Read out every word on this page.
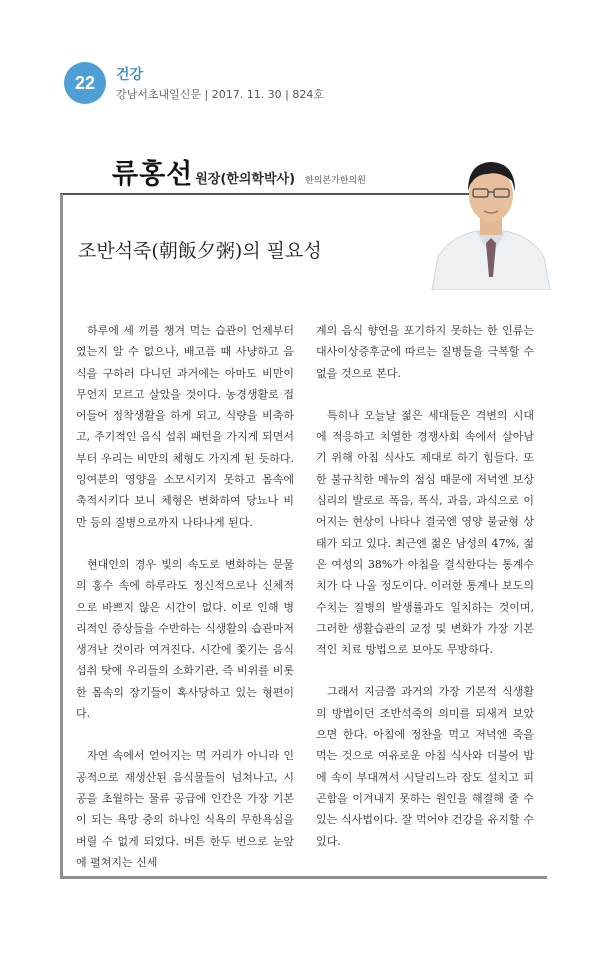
22	건강
강남서초내일신문 | 2017. 11. 30 | 824호
류홍선 원장(한의학박사) 한의본가한의원
조반석죽(朝飯夕粥)의 필요성

하루에 세 끼를 챙겨 먹는 습관이 언제부터였는지 알 수 없으나, 배고픔 때 사냥하고 음식을 구하러 다니던 과거에는 아마도 비만이 무언지 모르고 살았을 것이다. 농경생활로 접어들어 정착생활을 하게 되고, 식량을 비축하고, 주기적인 음식 섭취 패턴을 가지게 되면서부터 우리는 비만의 체형도 가지게 된 듯하다. 잉여분의 영양을 소모시키지 못하고 몸속에 축적시키다 보니 체형은 변화하여 당뇨나 비만 등의 질병으로까지 나타나게 된다.

현대인의 경우 빛의 속도로 변화하는 문물의 홍수 속에 하루라도 정신적으로나 신체적으로 바쁘지 않은 시간이 없다. 이로 인해 병리적인 증상들을 수반하는 식생활의 습관마저 생겨난 것이라 여겨진다. 시간에 쫓기는 음식 섭취 탓에 우리들의 소화기관, 즉 비위를 비롯한 몸속의 장기들이 혹사당하고 있는 형편이다.

자연 속에서 얻어지는 먹 거리가 아니라 인공적으로 재생산된 음식물들이 넘쳐나고, 시공을 초월하는 물류 공급에 인간은 가장 기본이 되는 욕망 중의 하나인 식욕의 무한욕심을 버릴 수 없게 되었다. 버튼 한두 번으로 눈앞에 펼쳐지는 신세

계의 음식 향연을 포기하지 못하는 한 인류는 대사이상증후군에 따르는 질병들을 극복할 수 없을 것으로 본다.

특히나 오늘날 젊은 세대들은 격변의 시대에 적응하고 치열한 경쟁사회 속에서 살아남기 위해 아침 식사도 제대로 하기 힘들다. 또한 불규칙한 메뉴의 점심 때문에 저녁엔 보상심리의 발로로 폭음, 폭식, 과음, 과식으로 이어지는 현상이 나타나 결국엔 영양 불균형 상태가 되고 있다. 최근엔 젊은 남성의 47%, 젊은 여성의 38%가 아침을 결식한다는 통계수치가 다 나올 정도이다. 이러한 통계나 보도의 수치는 질병의 발생률과도 일치하는 것이며, 그러한 생활습관의 교정 및 변화가 가장 기본적인 치료 방법으로 보아도 무방하다.

그래서 지금쯤 과거의 가장 기본적 식생활의 방법이던 조반석죽의 의미를 되새겨 보았으면 한다. 아침에 정찬을 먹고 저녁엔 죽을 먹는 것으로 여유로운 아침 식사와 더불어 밤에 속이 부대껴서 시달리느라 잠도 설치고 피곤함을 이겨내지 못하는 원인을 해결해 줄 수 있는 식사법이다. 잘 먹어야 건강을 유지할 수 있다.
